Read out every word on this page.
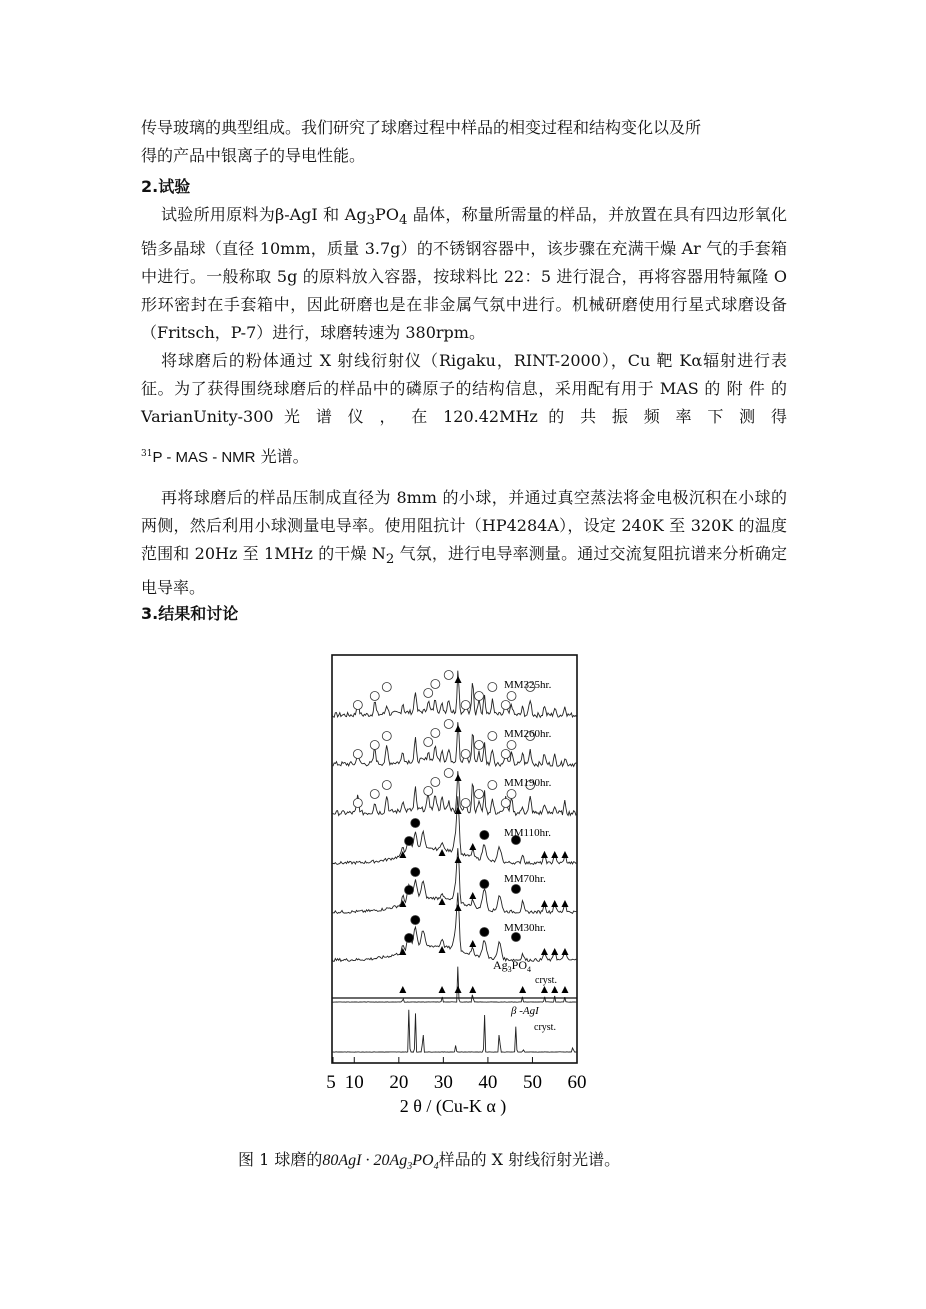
传导玻璃的典型组成。我们研究了球磨过程中样品的相变过程和结构变化以及所
得的产品中银离子的导电性能。

2.试验

试验所用原料为β-AgI 和 $Ag_3PO_4$ 晶体，称量所需量的样品，并放置在具有四边形氧化锆多晶球（直径 10mm，质量 3.7g）的不锈钢容器中，该步骤在充满干燥 Ar 气的手套箱中进行。一般称取 5g 的原料放入容器，按球料比 22：5 进行混合，再将容器用特氟隆 O 形环密封在手套箱中，因此研磨也是在非金属气氛中进行。机械研磨使用行星式球磨设备（Fritsch，P-7）进行，球磨转速为 380rpm。

将球磨后的粉体通过 X 射线衍射仪（Rigaku，RINT-2000），Cu 靶 Kα辐射进行表征。为了获得围绕球磨后的样品中的磷原子的结构信息，采用配有用于 MAS 的 附 件 的 VarianUnity-300 光 谱 仪 ， 在 120.42MHz 的 共 振 频 率 下 测 得

$^{31}$P - MAS - NMR 光谱。

再将球磨后的样品压制成直径为 8mm 的小球，并通过真空蒸法将金电极沉积在小球的两侧，然后利用小球测量电导率。使用阻抗计（HP4284A），设定 240K 至 320K 的温度范围和 20Hz 至 1MHz 的干燥 $N_2$ 气氛，进行电导率测量。通过交流复阻抗谱来分析确定电导率。

3.结果和讨论
MM325hr.
MM260hr.
MM190hr.
MM110hr.
MM70hr.
MM30hr.
$Ag_3PO_4$
cryst.
β -AgI
cryst.
5 10 20 30 40 50 60
2 θ / (Cu-K α )
图 1 球磨的$80AgI \cdot 20Ag_3PO_4$样品的 X 射线衍射光谱。
